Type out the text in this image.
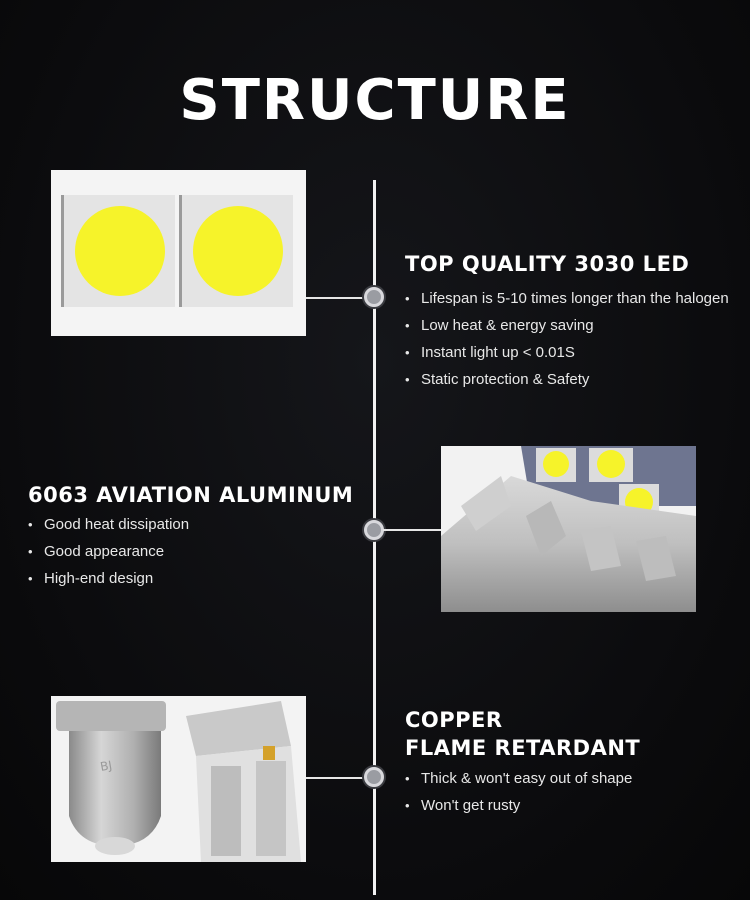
STRUCTURE
TOP QUALITY 3030 LED
• Lifespan is 5-10 times longer than the halogen
• Low heat & energy saving
• Instant light up < 0.01S
• Static protection & Safety
6063 AVIATION ALUMINUM
• Good heat dissipation
• Good appearance
• High-end design
BJ
COPPER
FLAME RETARDANT
• Thick & won't easy out of shape
• Won't get rusty
